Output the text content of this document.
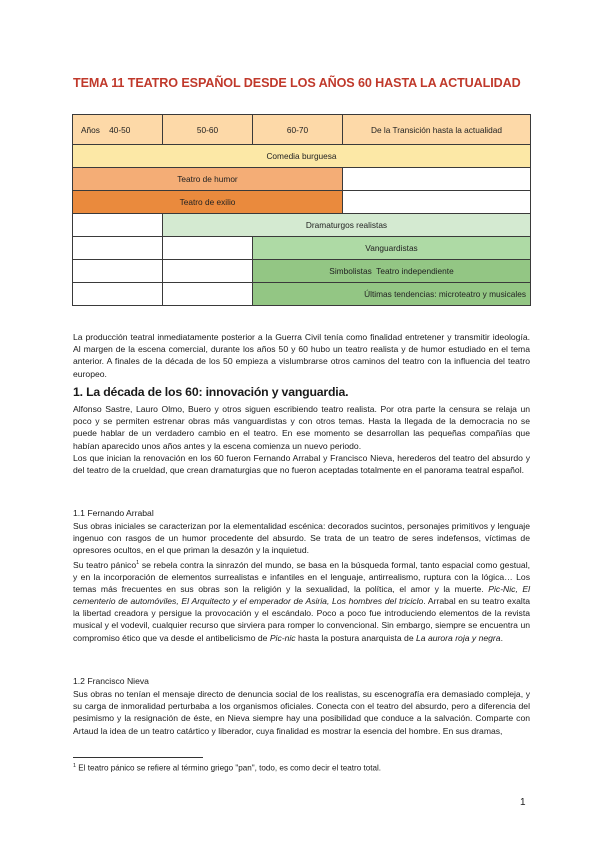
TEMA 11 TEATRO ESPAÑOL DESDE LOS AÑOS 60 HASTA LA ACTUALIDAD
Años    40-50	50-60	60-70	De la Transición hasta la actualidad
Comedia burguesa			
Teatro de humor			
Teatro de exilio			
	Dramaturgos realistas		
		Vanguardistas	
		Simbolistas  Teatro independiente	
		Últimas tendencias: microteatro y musicales	

La producción teatral inmediatamente posterior a la Guerra Civil tenía como finalidad entretener y transmitir ideología. Al margen de la escena comercial, durante los años 50 y 60 hubo un teatro realista y de humor estudiado en el tema anterior. A finales de la década de los 50 empieza a vislumbrarse otros caminos del teatro con la influencia del teatro europeo.

1. La década de los 60: innovación y vanguardia.

Alfonso Sastre, Lauro Olmo, Buero y otros siguen escribiendo teatro realista. Por otra parte la censura se relaja un poco y se permiten estrenar obras más vanguardistas y con otros temas. Hasta la llegada de la democracia no se puede hablar de un verdadero cambio en el teatro. En ese momento se desarrollan las pequeñas compañías que habían aparecido unos años antes y la escena comienza un nuevo periodo.

Los que inician la renovación en los 60 fueron Fernando Arrabal y Francisco Nieva, herederos del teatro del absurdo y del teatro de la crueldad, que crean dramaturgias que no fueron aceptadas totalmente en el panorama teatral español.

1.1 Fernando Arrabal

Sus obras iniciales se caracterizan por la elementalidad escénica: decorados sucintos, personajes primitivos y lenguaje ingenuo con rasgos de un humor procedente del absurdo. Se trata de un teatro de seres indefensos, víctimas de opresores ocultos, en el que priman la desazón y la inquietud.

Su teatro pánico$^1$ se rebela contra la sinrazón del mundo, se basa en la búsqueda formal, tanto espacial como gestual, y en la incorporación de elementos surrealistas e infantiles en el lenguaje, antirrealismo, ruptura con la lógica… Los temas más frecuentes en sus obras son la religión y la sexualidad, la política, el amor y la muerte. Pic-Nic, El cementerio de automóviles, El Arquitecto y el emperador de Asiria, Los hombres del triciclo. Arrabal en su teatro exalta la libertad creadora y persigue la provocación y el escándalo. Poco a poco fue introduciendo elementos de la revista musical y el vodevil, cualquier recurso que sirviera para romper lo convencional. Sin embargo, siempre se encuentra un compromiso ético que va desde el antibelicismo de Pic-nic hasta la postura anarquista de La aurora roja y negra.

1.2 Francisco Nieva

Sus obras no tenían el mensaje directo de denuncia social de los realistas, su escenografía era demasiado compleja, y su carga de inmoralidad perturbaba a los organismos oficiales. Conecta con el teatro del absurdo, pero a diferencia del pesimismo y la resignación de éste, en Nieva siempre hay una posibilidad que conduce a la salvación. Comparte con Artaud la idea de un teatro catártico y liberador, cuya finalidad es mostrar la esencia del hombre. En sus dramas,

$^1$ El teatro pánico se refiere al término griego "pan", todo, es como decir el teatro total.
1
